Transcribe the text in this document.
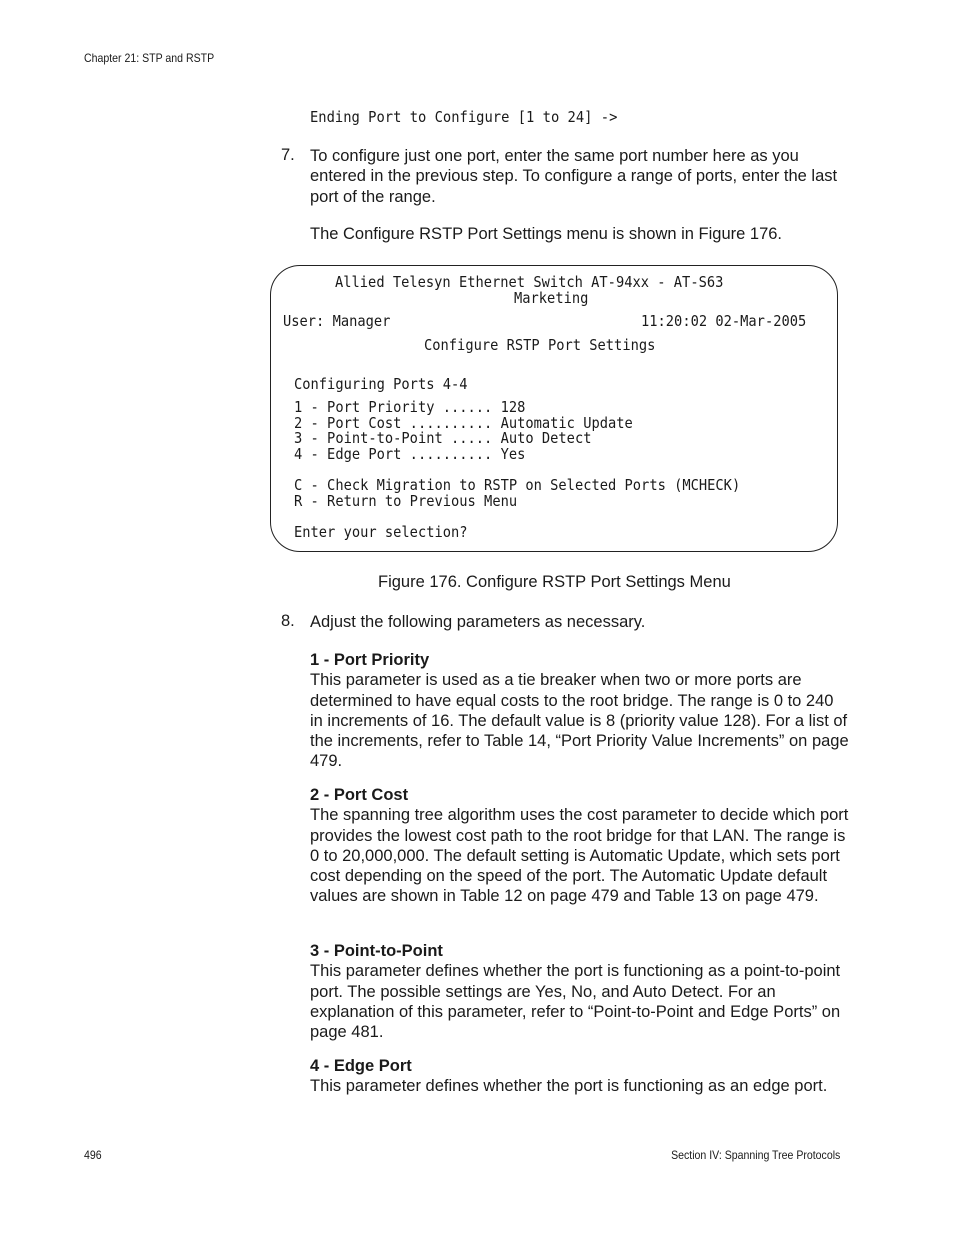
Chapter 21: STP and RSTP
Ending Port to Configure [1 to 24] ->
7. To configure just one port, enter the same port number here as you entered in the previous step. To configure a range of ports, enter the last port of the range.
The Configure RSTP Port Settings menu is shown in Figure 176.
Allied Telesyn Ethernet Switch AT-94xx - AT-S63
Marketing
User: Manager	11:20:02 02-Mar-2005
Configure RSTP Port Settings
Configuring Ports 4-4
1 - Port Priority ...... 128
2 - Port Cost .......... Automatic Update
3 - Point-to-Point ..... Auto Detect
4 - Edge Port .......... Yes
C - Check Migration to RSTP on Selected Ports (MCHECK)
R - Return to Previous Menu
Enter your selection?
Figure 176. Configure RSTP Port Settings Menu
8. Adjust the following parameters as necessary.
1 - Port Priority
This parameter is used as a tie breaker when two or more ports are determined to have equal costs to the root bridge. The range is 0 to 240 in increments of 16. The default value is 8 (priority value 128). For a list of the increments, refer to Table 14, “Port Priority Value Increments” on page 479.
2 - Port Cost
The spanning tree algorithm uses the cost parameter to decide which port provides the lowest cost path to the root bridge for that LAN. The range is 0 to 20,000,000. The default setting is Automatic Update, which sets port cost depending on the speed of the port. The Automatic Update default values are shown in Table 12 on page 479 and Table 13 on page 479.
3 - Point-to-Point
This parameter defines whether the port is functioning as a point-to-point port. The possible settings are Yes, No, and Auto Detect. For an explanation of this parameter, refer to “Point-to-Point and Edge Ports” on page 481.
4 - Edge Port
This parameter defines whether the port is functioning as an edge port.
496	Section IV: Spanning Tree Protocols
